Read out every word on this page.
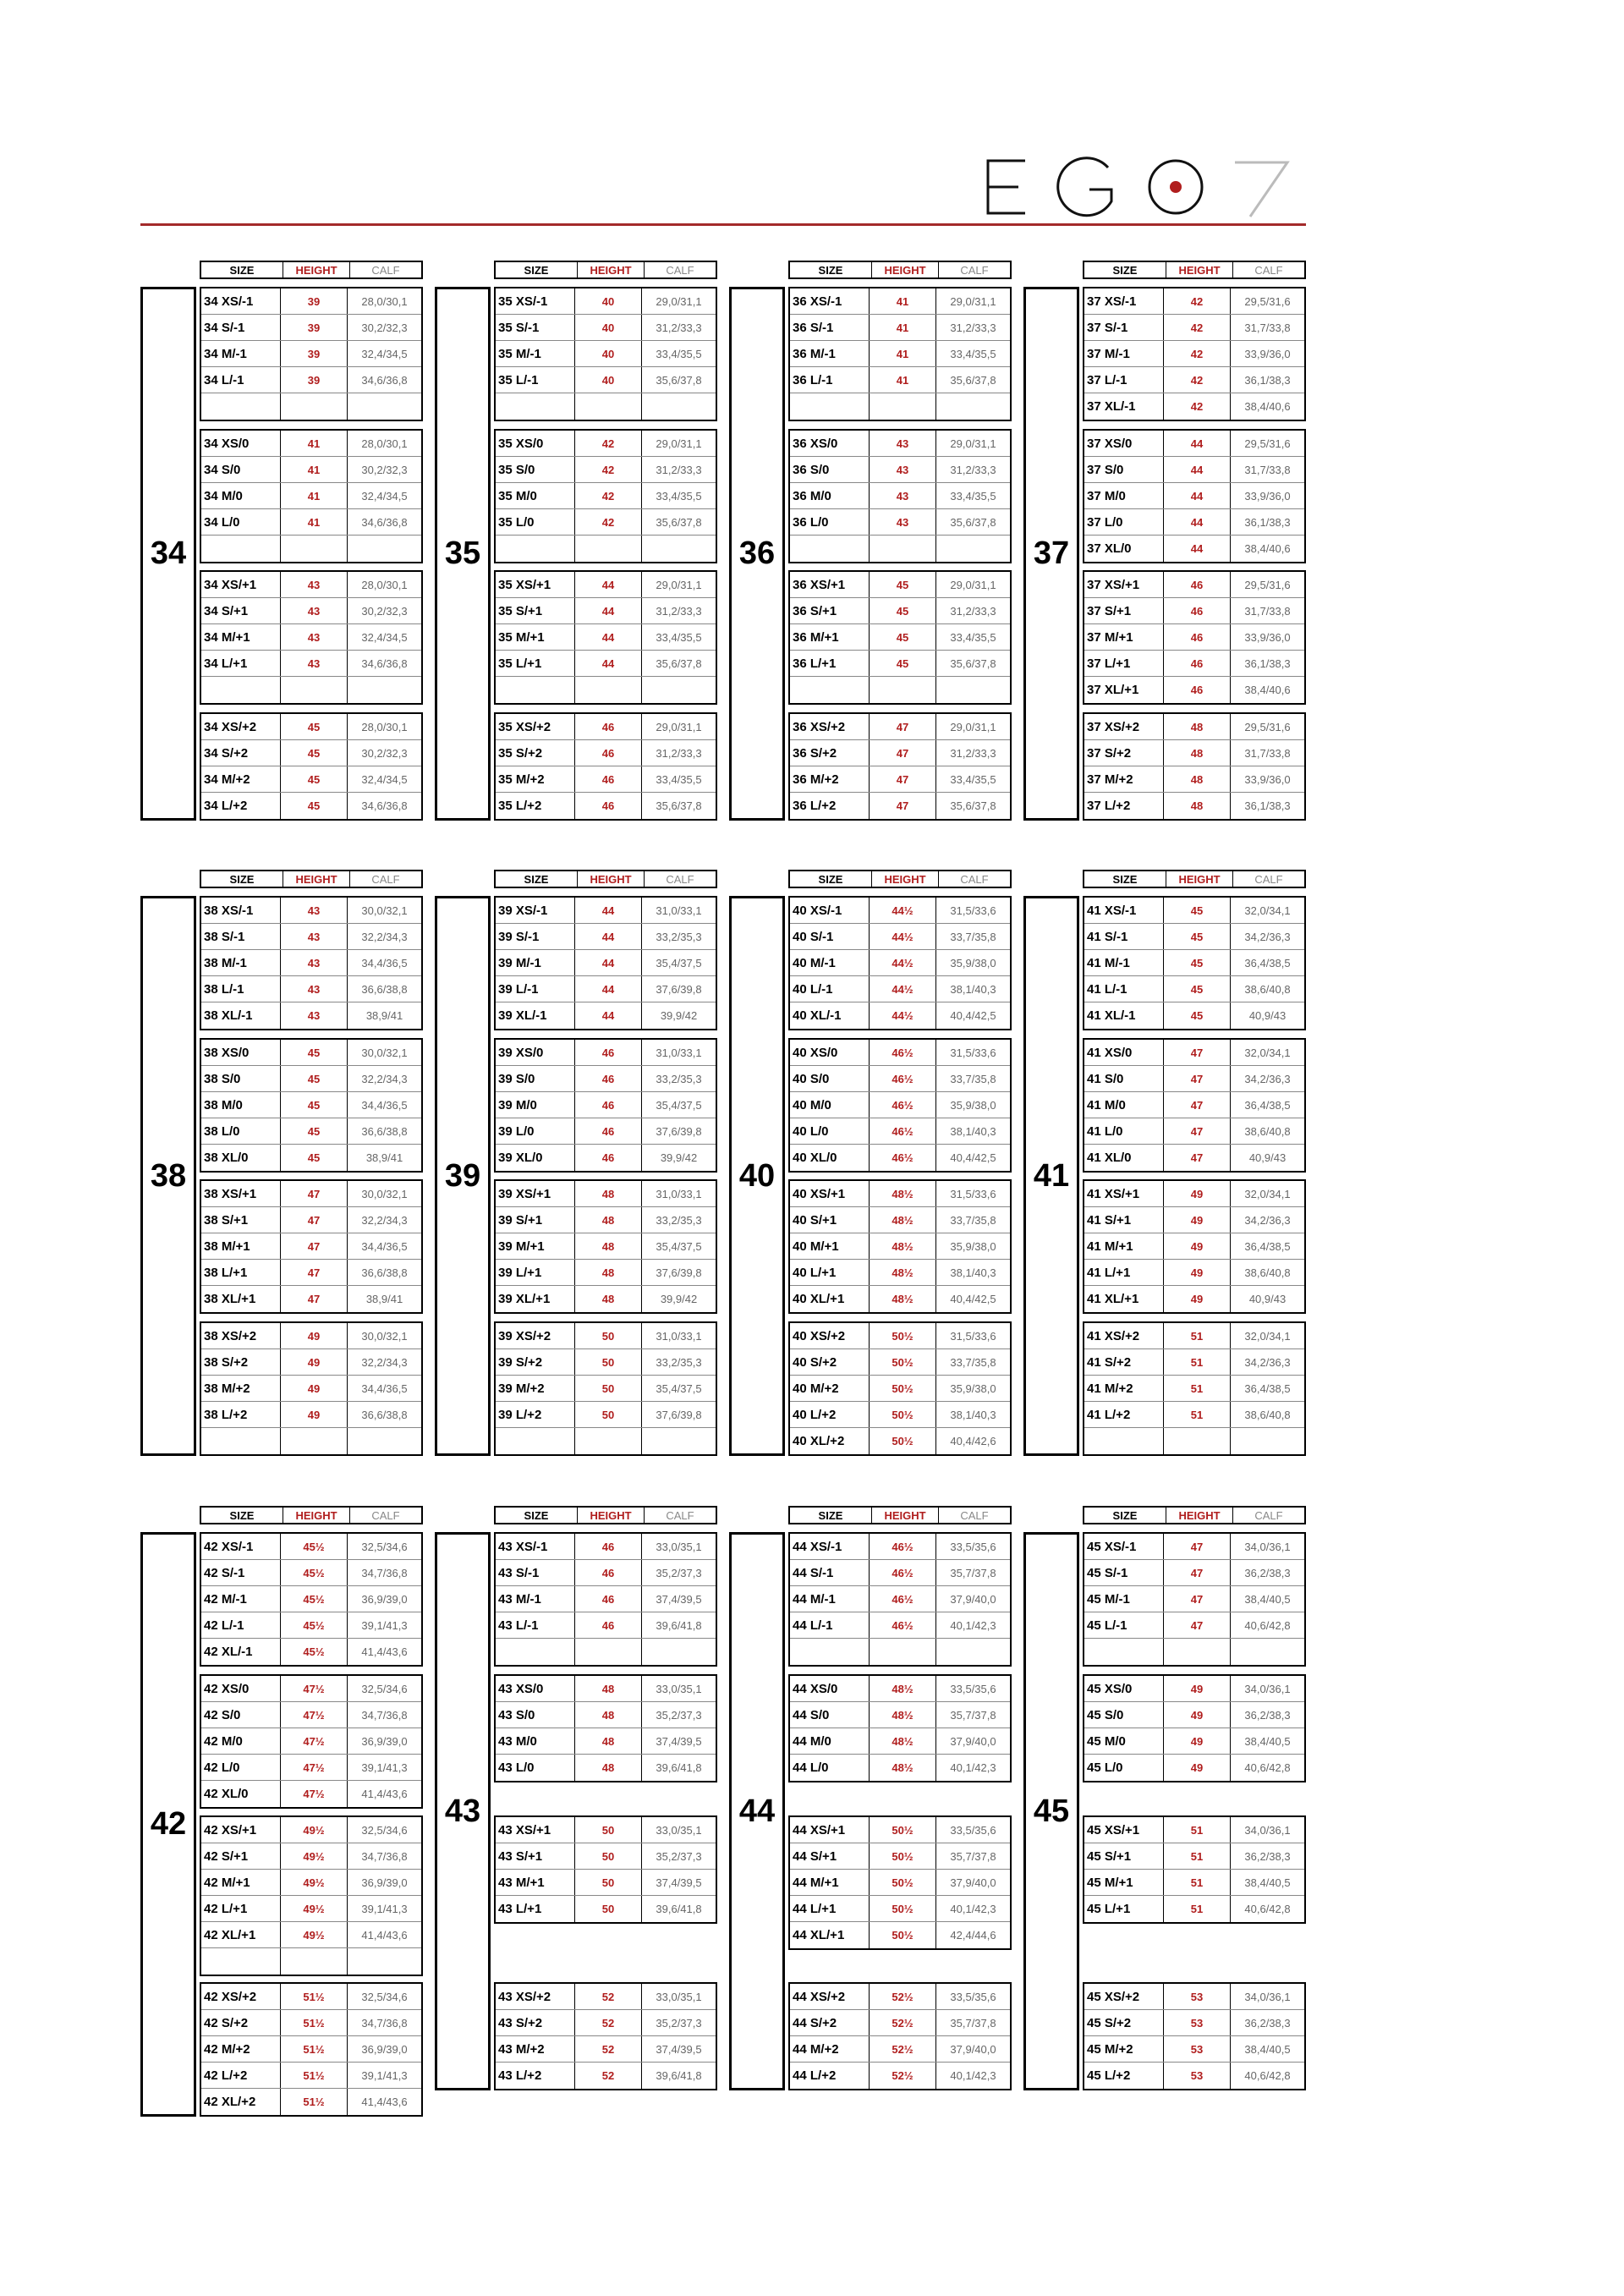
SIZE	HEIGHT	CALF
34 XS/-1	39	28,0/30,1
34 S/-1	39	30,2/32,3
34 M/-1	39	32,4/34,5
34 L/-1	39	34,6/36,8
34 XS/0	41	28,0/30,1
34 S/0	41	30,2/32,3
34 M/0	41	32,4/34,5
34 L/0	41	34,6/36,8
34 XS/+1	43	28,0/30,1
34 S/+1	43	30,2/32,3
34 M/+1	43	32,4/34,5
34 L/+1	43	34,6/36,8
34 XS/+2	45	28,0/30,1
34 S/+2	45	30,2/32,3
34 M/+2	45	32,4/34,5
34 L/+2	45	34,6/36,8
34
SIZE	HEIGHT	CALF
35 XS/-1	40	29,0/31,1
35 S/-1	40	31,2/33,3
35 M/-1	40	33,4/35,5
35 L/-1	40	35,6/37,8
35 XS/0	42	29,0/31,1
35 S/0	42	31,2/33,3
35 M/0	42	33,4/35,5
35 L/0	42	35,6/37,8
35 XS/+1	44	29,0/31,1
35 S/+1	44	31,2/33,3
35 M/+1	44	33,4/35,5
35 L/+1	44	35,6/37,8
35 XS/+2	46	29,0/31,1
35 S/+2	46	31,2/33,3
35 M/+2	46	33,4/35,5
35 L/+2	46	35,6/37,8
35
SIZE	HEIGHT	CALF
36 XS/-1	41	29,0/31,1
36 S/-1	41	31,2/33,3
36 M/-1	41	33,4/35,5
36 L/-1	41	35,6/37,8
36 XS/0	43	29,0/31,1
36 S/0	43	31,2/33,3
36 M/0	43	33,4/35,5
36 L/0	43	35,6/37,8
36 XS/+1	45	29,0/31,1
36 S/+1	45	31,2/33,3
36 M/+1	45	33,4/35,5
36 L/+1	45	35,6/37,8
36 XS/+2	47	29,0/31,1
36 S/+2	47	31,2/33,3
36 M/+2	47	33,4/35,5
36 L/+2	47	35,6/37,8
36
SIZE	HEIGHT	CALF
37 XS/-1	42	29,5/31,6
37 S/-1	42	31,7/33,8
37 M/-1	42	33,9/36,0
37 L/-1	42	36,1/38,3
37 XL/-1	42	38,4/40,6
37 XS/0	44	29,5/31,6
37 S/0	44	31,7/33,8
37 M/0	44	33,9/36,0
37 L/0	44	36,1/38,3
37 XL/0	44	38,4/40,6
37 XS/+1	46	29,5/31,6
37 S/+1	46	31,7/33,8
37 M/+1	46	33,9/36,0
37 L/+1	46	36,1/38,3
37 XL/+1	46	38,4/40,6
37 XS/+2	48	29,5/31,6
37 S/+2	48	31,7/33,8
37 M/+2	48	33,9/36,0
37 L/+2	48	36,1/38,3
37
SIZE	HEIGHT	CALF
38 XS/-1	43	30,0/32,1
38 S/-1	43	32,2/34,3
38 M/-1	43	34,4/36,5
38 L/-1	43	36,6/38,8
38 XL/-1	43	38,9/41
38 XS/0	45	30,0/32,1
38 S/0	45	32,2/34,3
38 M/0	45	34,4/36,5
38 L/0	45	36,6/38,8
38 XL/0	45	38,9/41
38 XS/+1	47	30,0/32,1
38 S/+1	47	32,2/34,3
38 M/+1	47	34,4/36,5
38 L/+1	47	36,6/38,8
38 XL/+1	47	38,9/41
38 XS/+2	49	30,0/32,1
38 S/+2	49	32,2/34,3
38 M/+2	49	34,4/36,5
38 L/+2	49	36,6/38,8
38
SIZE	HEIGHT	CALF
39 XS/-1	44	31,0/33,1
39 S/-1	44	33,2/35,3
39 M/-1	44	35,4/37,5
39 L/-1	44	37,6/39,8
39 XL/-1	44	39,9/42
39 XS/0	46	31,0/33,1
39 S/0	46	33,2/35,3
39 M/0	46	35,4/37,5
39 L/0	46	37,6/39,8
39 XL/0	46	39,9/42
39 XS/+1	48	31,0/33,1
39 S/+1	48	33,2/35,3
39 M/+1	48	35,4/37,5
39 L/+1	48	37,6/39,8
39 XL/+1	48	39,9/42
39 XS/+2	50	31,0/33,1
39 S/+2	50	33,2/35,3
39 M/+2	50	35,4/37,5
39 L/+2	50	37,6/39,8
39
SIZE	HEIGHT	CALF
40 XS/-1	44½	31,5/33,6
40 S/-1	44½	33,7/35,8
40 M/-1	44½	35,9/38,0
40 L/-1	44½	38,1/40,3
40 XL/-1	44½	40,4/42,5
40 XS/0	46½	31,5/33,6
40 S/0	46½	33,7/35,8
40 M/0	46½	35,9/38,0
40 L/0	46½	38,1/40,3
40 XL/0	46½	40,4/42,5
40 XS/+1	48½	31,5/33,6
40 S/+1	48½	33,7/35,8
40 M/+1	48½	35,9/38,0
40 L/+1	48½	38,1/40,3
40 XL/+1	48½	40,4/42,5
40 XS/+2	50½	31,5/33,6
40 S/+2	50½	33,7/35,8
40 M/+2	50½	35,9/38,0
40 L/+2	50½	38,1/40,3
40 XL/+2	50½	40,4/42,6
40
SIZE	HEIGHT	CALF
41 XS/-1	45	32,0/34,1
41 S/-1	45	34,2/36,3
41 M/-1	45	36,4/38,5
41 L/-1	45	38,6/40,8
41 XL/-1	45	40,9/43
41 XS/0	47	32,0/34,1
41 S/0	47	34,2/36,3
41 M/0	47	36,4/38,5
41 L/0	47	38,6/40,8
41 XL/0	47	40,9/43
41 XS/+1	49	32,0/34,1
41 S/+1	49	34,2/36,3
41 M/+1	49	36,4/38,5
41 L/+1	49	38,6/40,8
41 XL/+1	49	40,9/43
41 XS/+2	51	32,0/34,1
41 S/+2	51	34,2/36,3
41 M/+2	51	36,4/38,5
41 L/+2	51	38,6/40,8
41
SIZE	HEIGHT	CALF
42 XS/-1	45½	32,5/34,6
42 S/-1	45½	34,7/36,8
42 M/-1	45½	36,9/39,0
42 L/-1	45½	39,1/41,3
42 XL/-1	45½	41,4/43,6
42 XS/0	47½	32,5/34,6
42 S/0	47½	34,7/36,8
42 M/0	47½	36,9/39,0
42 L/0	47½	39,1/41,3
42 XL/0	47½	41,4/43,6
42 XS/+1	49½	32,5/34,6
42 S/+1	49½	34,7/36,8
42 M/+1	49½	36,9/39,0
42 L/+1	49½	39,1/41,3
42 XL/+1	49½	41,4/43,6
42 XS/+2	51½	32,5/34,6
42 S/+2	51½	34,7/36,8
42 M/+2	51½	36,9/39,0
42 L/+2	51½	39,1/41,3
42 XL/+2	51½	41,4/43,6
42
SIZE	HEIGHT	CALF
43 XS/-1	46	33,0/35,1
43 S/-1	46	35,2/37,3
43 M/-1	46	37,4/39,5
43 L/-1	46	39,6/41,8
43 XS/0	48	33,0/35,1
43 S/0	48	35,2/37,3
43 M/0	48	37,4/39,5
43 L/0	48	39,6/41,8
43 XS/+1	50	33,0/35,1
43 S/+1	50	35,2/37,3
43 M/+1	50	37,4/39,5
43 L/+1	50	39,6/41,8
43 XS/+2	52	33,0/35,1
43 S/+2	52	35,2/37,3
43 M/+2	52	37,4/39,5
43 L/+2	52	39,6/41,8
43
SIZE	HEIGHT	CALF
44 XS/-1	46½	33,5/35,6
44 S/-1	46½	35,7/37,8
44 M/-1	46½	37,9/40,0
44 L/-1	46½	40,1/42,3
44 XS/0	48½	33,5/35,6
44 S/0	48½	35,7/37,8
44 M/0	48½	37,9/40,0
44 L/0	48½	40,1/42,3
44 XS/+1	50½	33,5/35,6
44 S/+1	50½	35,7/37,8
44 M/+1	50½	37,9/40,0
44 L/+1	50½	40,1/42,3
44 XL/+1	50½	42,4/44,6
44 XS/+2	52½	33,5/35,6
44 S/+2	52½	35,7/37,8
44 M/+2	52½	37,9/40,0
44 L/+2	52½	40,1/42,3
44
SIZE	HEIGHT	CALF
45 XS/-1	47	34,0/36,1
45 S/-1	47	36,2/38,3
45 M/-1	47	38,4/40,5
45 L/-1	47	40,6/42,8
45 XS/0	49	34,0/36,1
45 S/0	49	36,2/38,3
45 M/0	49	38,4/40,5
45 L/0	49	40,6/42,8
45 XS/+1	51	34,0/36,1
45 S/+1	51	36,2/38,3
45 M/+1	51	38,4/40,5
45 L/+1	51	40,6/42,8
45 XS/+2	53	34,0/36,1
45 S/+2	53	36,2/38,3
45 M/+2	53	38,4/40,5
45 L/+2	53	40,6/42,8
45
